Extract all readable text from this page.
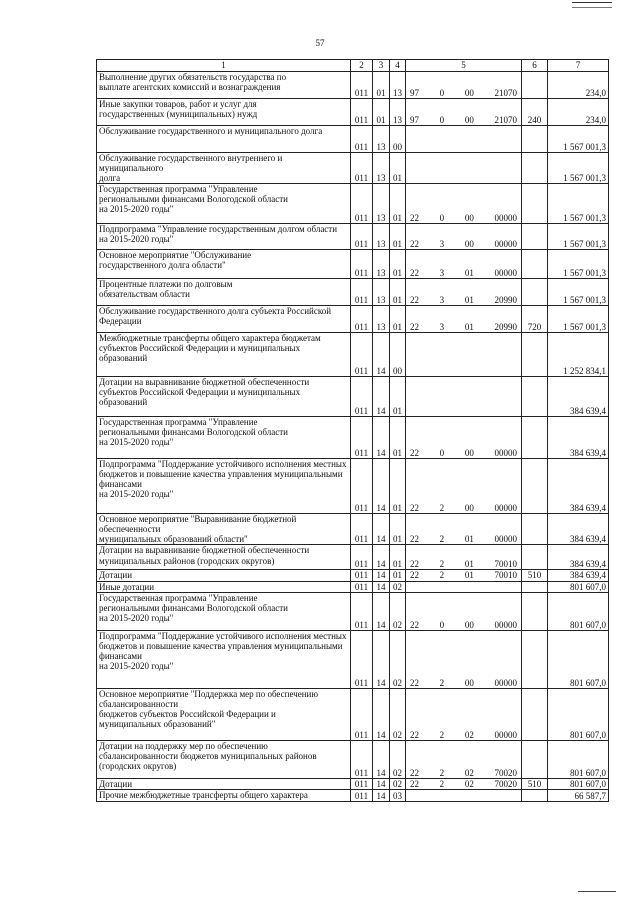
57
1	2	3	4	5	6	7

Выполнение других обязательств государства по
выплате агентских комиссий и вознаграждения	011	01	13	97 0 00 21070		234,0

Иные закупки товаров, работ и услуг для
государственных (муниципальных) нужд	011	01	13	97 0 00 21070	240	234,0

Обслуживание государственного и муниципального долга	011	13	00			1 567 001,3

Обслуживание государственного внутреннего и муниципального
долга	011	13	01			1 567 001,3

Государственная программа "Управление
региональными финансами Вологодской области
на 2015-2020 годы"	011	13	01	22 0 00 00000		1 567 001,3

Подпрограмма "Управление государственным долгом области
на 2015-2020 годы"	011	13	01	22 3 00 00000		1 567 001,3

Основное мероприятие "Обслуживание
государственного долга области"	011	13	01	22 3 01 00000		1 567 001,3

Процентные платежи по долговым
обязательствам области	011	13	01	22 3 01 20990		1 567 001,3

Обслуживание государственного долга субъекта Российской
Федерации	011	13	01	22 3 01 20990	720	1 567 001,3

Межбюджетные трансферты общего характера бюджетам
субъектов Российской Федерации и муниципальных
образований	011	14	00			1 252 834,1

Дотации на выравнивание бюджетной обеспеченности
субъектов Российской Федерации и муниципальных
образований	011	14	01			384 639,4

Государственная программа "Управление
региональными финансами Вологодской области
на 2015-2020 годы"	011	14	01	22 0 00 00000		384 639,4

Подпрограмма "Поддержание устойчивого исполнения местных
бюджетов и повышение качества управления муниципальными финансами
на 2015-2020 годы"	011	14	01	22 2 00 00000		384 639,4

Основное мероприятие "Выравнивание бюджетной обеспеченности
муниципальных образований области"	011	14	01	22 2 01 00000		384 639,4

Дотации на выравнивание бюджетной обеспеченности
муниципальных районов (городских округов)	011	14	01	22 2 01 70010		384 639,4

Дотации	011	14	01	22 2 01 70010	510	384 639,4

Иные дотации	011	14	02			801 607,0

Государственная программа "Управление
региональными финансами Вологодской области
на 2015-2020 годы"	011	14	02	22 0 00 00000		801 607,0

Подпрограмма "Поддержание устойчивого исполнения местных
бюджетов и повышение качества управления муниципальными финансами
на 2015-2020 годы"	011	14	02	22 2 00 00000		801 607,0

Основное мероприятие "Поддержка мер по обеспечению сбалансированности
бюджетов субъектов Российской Федерации и
муниципальных образований"	011	14	02	22 2 02 00000		801 607,0

Дотации на поддержку мер по обеспечению
сбалансированности бюджетов муниципальных районов
(городских округов)	011	14	02	22 2 02 70020		801 607,0

Дотации	011	14	02	22 2 02 70020	510	801 607,0

Прочие межбюджетные трансферты общего характера	011	14	03			66 587,7
